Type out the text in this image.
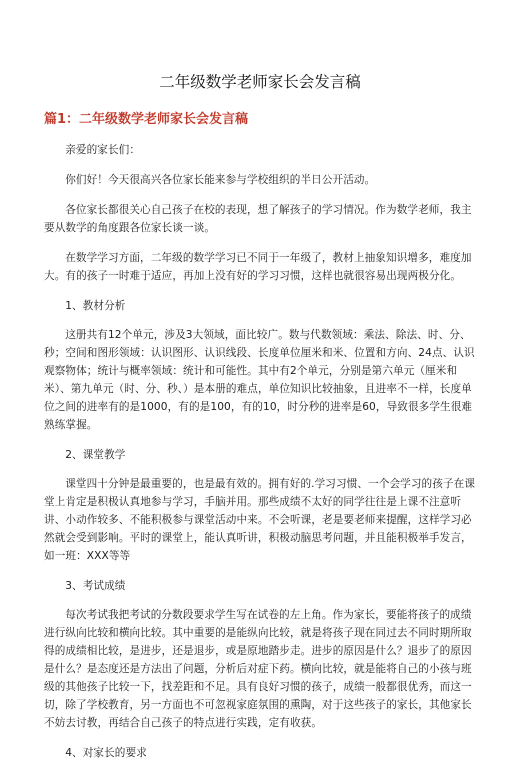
二年级数学老师家长会发言稿
篇1：二年级数学老师家长会发言稿

亲爱的家长们：

你们好！今天很高兴各位家长能来参与学校组织的半日公开活动。

各位家长都很关心自己孩子在校的表现，想了解孩子的学习情况。作为数学老师，我主要从数学的角度跟各位家长谈一谈。

在数学学习方面，二年级的数学学习已不同于一年级了，教材上抽象知识增多，难度加大。有的孩子一时难于适应，再加上没有好的学习习惯，这样也就很容易出现两极分化。

1、教材分析

这册共有12个单元，涉及3大领域，面比较广。数与代数领域：乘法、除法、时、分、秒；空间和图形领域：认识图形、认识线段、长度单位厘米和米、位置和方向、24点、认识观察物体；统计与概率领域：统计和可能性。其中有2个单元，分别是第六单元（厘米和米）、第九单元（时、分、秒、）是本册的难点，单位知识比较抽象，且进率不一样，长度单位之间的进率有的是1000，有的是100，有的10，时分秒的进率是60，导致很多学生很难熟练掌握。

2、课堂教学

课堂四十分钟是最重要的，也是最有效的。拥有好的.学习习惯、一个会学习的孩子在课堂上肯定是积极认真地参与学习，手脑并用。那些成绩不太好的同学往往是上课不注意听讲、小动作较多、不能积极参与课堂活动中来。不会听课，老是要老师来提醒，这样学习必然就会受到影响。平时的课堂上，能认真听讲，积极动脑思考问题，并且能积极举手发言，如一班：XXX等等

3、考试成绩

每次考试我把考试的分数段要求学生写在试卷的左上角。作为家长，要能将孩子的成绩进行纵向比较和横向比较。其中重要的是能纵向比较，就是将孩子现在同过去不同时期所取得的成绩相比较，是进步，还是退步，或是原地踏步走。进步的原因是什么？退步了的原因是什么？是态度还是方法出了问题，分析后对症下药。横向比较，就是能将自己的小孩与班级的其他孩子比较一下，找差距和不足。具有良好习惯的孩子，成绩一般都很优秀，而这一切，除了学校教育，另一方面也不可忽视家庭氛围的熏陶，对于这些孩子的家长，其他家长不妨去讨教，再结合自己孩子的特点进行实践，定有收获。

4、对家长的要求
